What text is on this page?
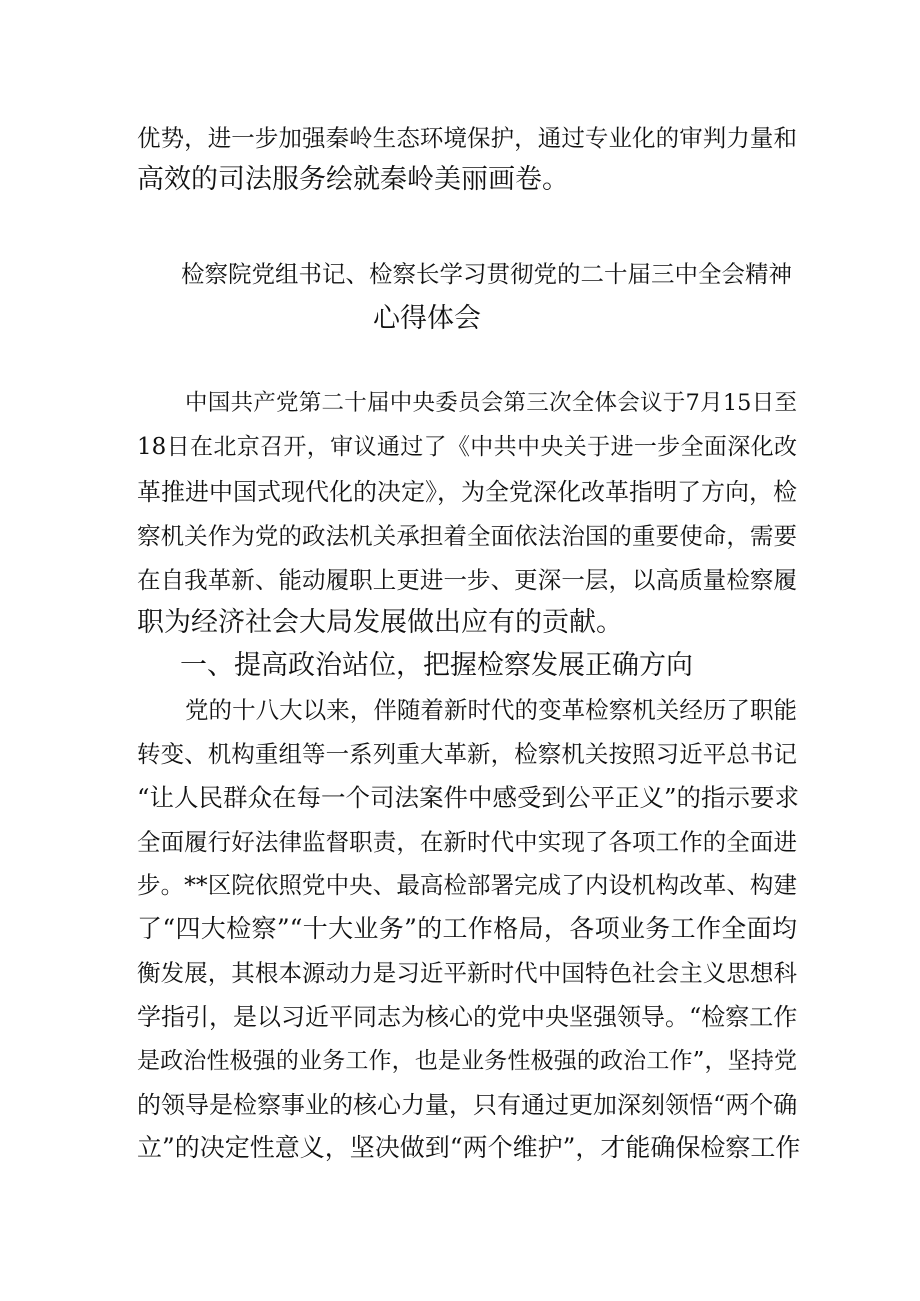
优势，进一步加强秦岭生态环境保护，通过专业化的审判力量和
高效的司法服务绘就秦岭美丽画卷。
检察院党组书记、检察长学习贯彻党的二十届三中全会精神
心得体会
中国共产党第二十届中央委员会第三次全体会议于7月15日至
18日在北京召开，审议通过了《中共中央关于进一步全面深化改
革推进中国式现代化的决定》，为全党深化改革指明了方向，检
察机关作为党的政法机关承担着全面依法治国的重要使命，需要
在自我革新、能动履职上更进一步、更深一层，以高质量检察履
职为经济社会大局发展做出应有的贡献。
一、提高政治站位，把握检察发展正确方向
党的十八大以来，伴随着新时代的变革检察机关经历了职能
转变、机构重组等一系列重大革新，检察机关按照习近平总书记
“让人民群众在每一个司法案件中感受到公平正义”的指示要求
全面履行好法律监督职责，在新时代中实现了各项工作的全面进
步。**区院依照党中央、最高检部署完成了内设机构改革、构建
了“四大检察”“十大业务”的工作格局，各项业务工作全面均
衡发展，其根本源动力是习近平新时代中国特色社会主义思想科
学指引，是以习近平同志为核心的党中央坚强领导。“检察工作
是政治性极强的业务工作，也是业务性极强的政治工作”，坚持党
的领导是检察事业的核心力量，只有通过更加深刻领悟“两个确
立”的决定性意义，坚决做到“两个维护”，才能确保检察工作
